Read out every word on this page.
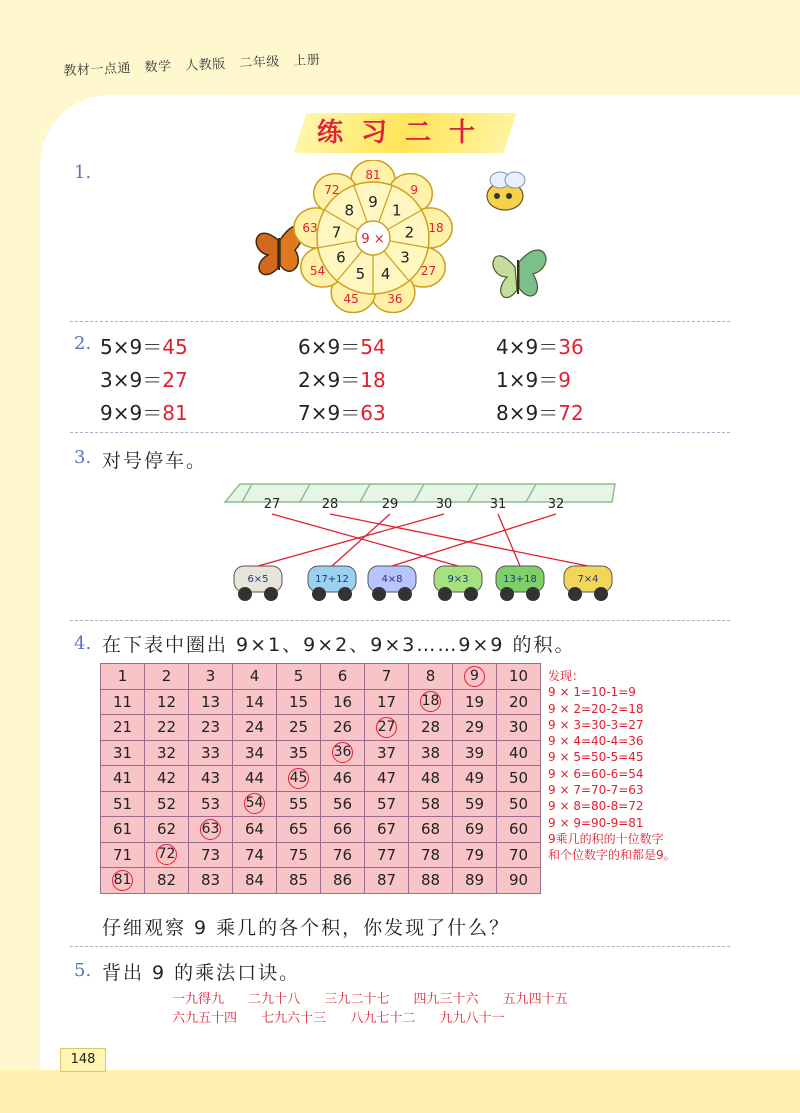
教材一点通 数学 人教版 二年级 上册
练习二十
1.
9 ×
9
81
1
9
2 18
3
27
4
36
5
45
6
54
7
63
8
72
2. 5×9＝45	6×9＝54	4×9＝36
3×9＝27	2×9＝18	1×9＝9
9×9＝81	7×9＝63	8×9＝72
3. 对号停车。
27	28	29	30	31	32
6×5	17+12	4×8	9×3	13+18	7×4
4. 在下表中圈出 9×1、9×2、9×3……9×9 的积。
1	2	3	4	5	6	7	8	9	10
11	12	13	14	15	16	17	18	19	20
21	22	23	24	25	26	27	28	29	30
31	32	33	34	35	36	37	38	39	40
41	42	43	44	45	46	47	48	49	50
51	52	53	54	55	56	57	58	59	50
61	62	63	64	65	66	67	68	69	60
71	72	73	74	75	76	77	78	79	70
81	82	83	84	85	86	87	88	89	90
发现：
9 × 1=10-1=9
9 × 2=20-2=18
9 × 3=30-3=27
9 × 4=40-4=36
9 × 5=50-5=45
9 × 6=60-6=54
9 × 7=70-7=63
9 × 8=80-8=72
9 × 9=90-9=81
9乘几的积的十位数字
和个位数字的和都是9。
仔细观察 9 乘几的各个积，你发现了什么？
5. 背出 9 的乘法口诀。
一九得九 二九十八 三九二十七 四九三十六 五九四十五
六九五十四 七九六十三 八九七十二 九九八十一
148
